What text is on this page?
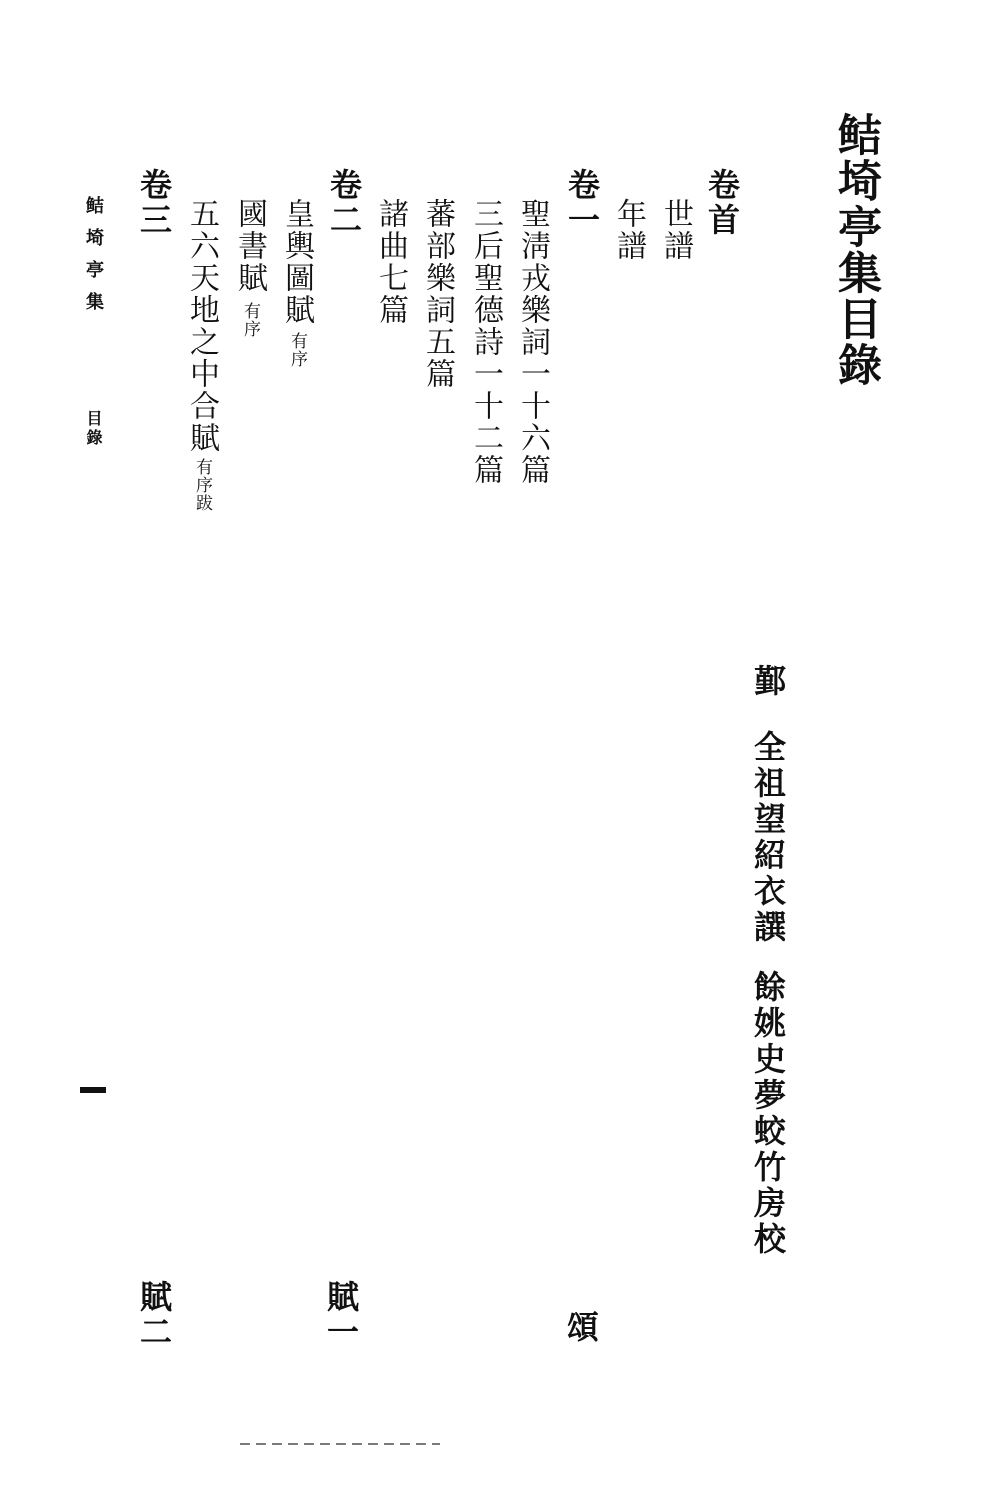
鲒埼亭集目錄
卷首
世譜
年譜
卷一
聖淸戎樂詞一十六篇
三后聖德詩一十二篇
蕃部樂詞五篇
諸曲七篇
卷二
皇輿圖賦
有序
國書賦
有序
五六天地之中合賦
有序跋
卷三
鄞
全祖望紹衣譔
餘姚史夢蛟竹房校
頌
賦一
賦二
鲒埼亭集
目錄
